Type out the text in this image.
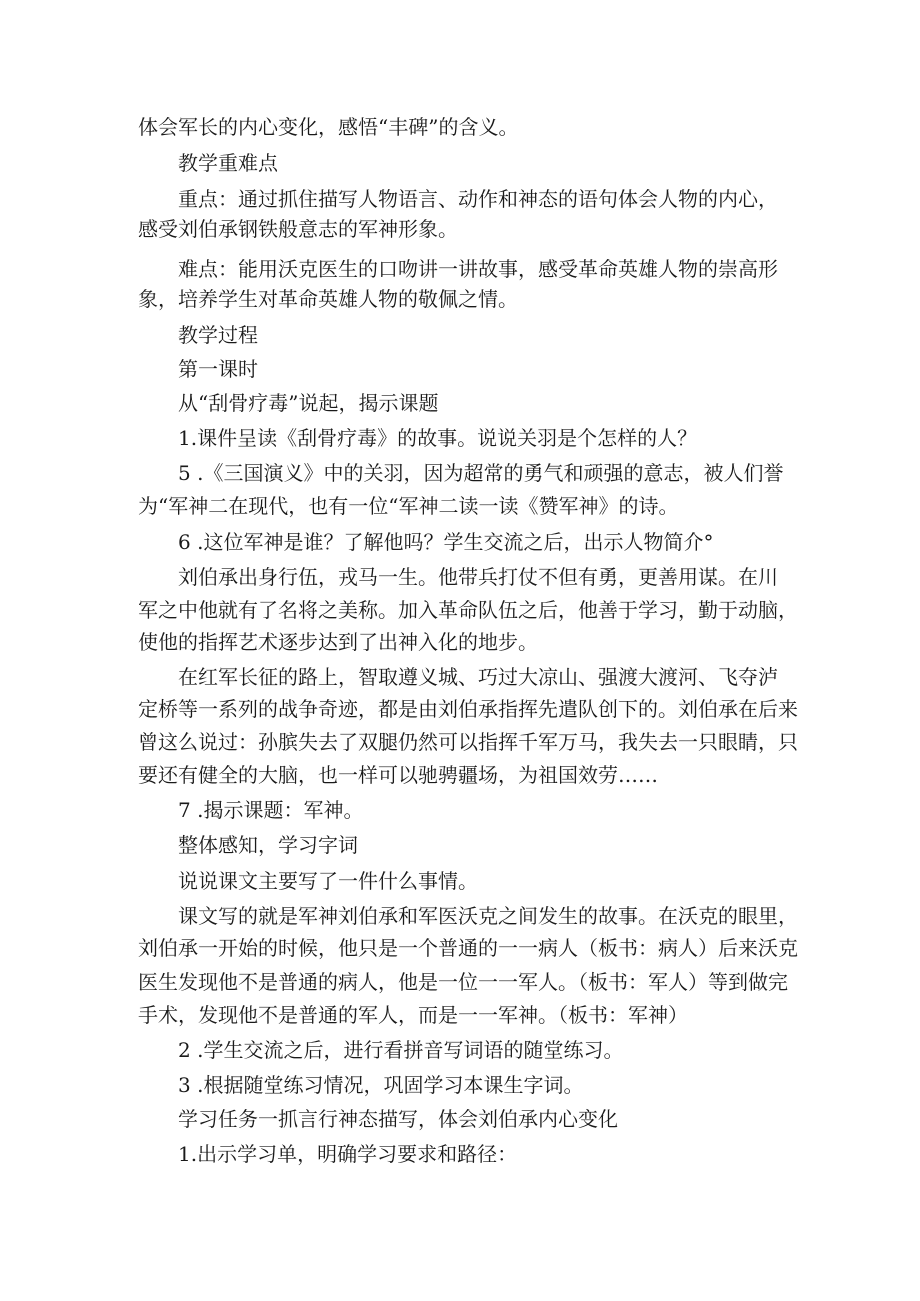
体会军长的内心变化，感悟“丰碑”的含义。
教学重难点
重点：通过抓住描写人物语言、动作和神态的语句体会人物的内心，
感受刘伯承钢铁般意志的军神形象。
难点：能用沃克医生的口吻讲一讲故事，感受革命英雄人物的崇高形
象，培养学生对革命英雄人物的敬佩之情。
教学过程
第一课时
从“刮骨疗毒”说起，揭示课题
1.课件呈读《刮骨疗毒》的故事。说说关羽是个怎样的人？
5 .《三国演义》中的关羽，因为超常的勇气和顽强的意志，被人们誉
为“军神二在现代，也有一位“军神二读一读《赞军神》的诗。
6 .这位军神是谁？了解他吗？学生交流之后，出示人物简介°
刘伯承出身行伍，戎马一生。他带兵打仗不但有勇，更善用谋。在川
军之中他就有了名将之美称。加入革命队伍之后，他善于学习，勤于动脑，
使他的指挥艺术逐步达到了出神入化的地步。
在红军长征的路上，智取遵义城、巧过大凉山、强渡大渡河、飞夺泸
定桥等一系列的战争奇迹，都是由刘伯承指挥先遣队创下的。刘伯承在后来
曾这么说过：孙膑失去了双腿仍然可以指挥千军万马，我失去一只眼睛，只
要还有健全的大脑，也一样可以驰骋疆场，为祖国效劳……
7 .揭示课题：军神。
整体感知，学习字词
说说课文主要写了一件什么事情。
课文写的就是军神刘伯承和军医沃克之间发生的故事。在沃克的眼里，
刘伯承一开始的时候，他只是一个普通的一一病人（板书：病人）后来沃克
医生发现他不是普通的病人，他是一位一一军人。（板书：军人）等到做完
手术，发现他不是普通的军人，而是一一军神。（板书：军神）
2 .学生交流之后，进行看拼音写词语的随堂练习。
3 .根据随堂练习情况，巩固学习本课生字词。
学习任务一抓言行神态描写，体会刘伯承内心变化
1.出示学习单，明确学习要求和路径：
